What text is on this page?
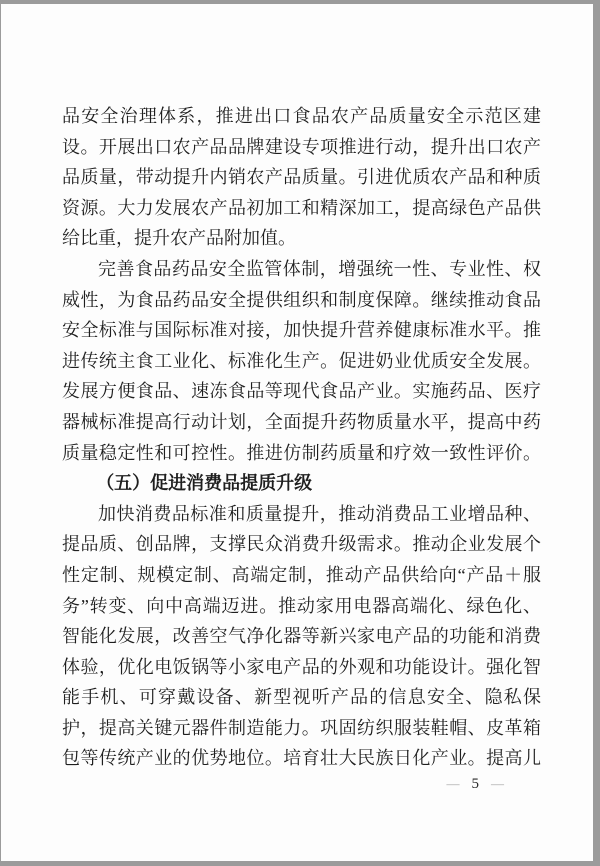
品安全治理体系，推进出口食品农产品质量安全示范区建
设。开展出口农产品品牌建设专项推进行动，提升出口农产
品质量，带动提升内销农产品质量。引进优质农产品和种质
资源。大力发展农产品初加工和精深加工，提高绿色产品供
给比重，提升农产品附加值。
完善食品药品安全监管体制，增强统一性、专业性、权
威性，为食品药品安全提供组织和制度保障。继续推动食品
安全标准与国际标准对接，加快提升营养健康标准水平。推
进传统主食工业化、标准化生产。促进奶业优质安全发展。
发展方便食品、速冻食品等现代食品产业。实施药品、医疗
器械标准提高行动计划，全面提升药物质量水平，提高中药
质量稳定性和可控性。推进仿制药质量和疗效一致性评价。
（五）促进消费品提质升级
加快消费品标准和质量提升，推动消费品工业增品种、
提品质、创品牌，支撑民众消费升级需求。推动企业发展个
性定制、规模定制、高端定制，推动产品供给向“产品＋服
务”转变、向中高端迈进。推动家用电器高端化、绿色化、
智能化发展，改善空气净化器等新兴家电产品的功能和消费
体验，优化电饭锅等小家电产品的外观和功能设计。强化智
能手机、可穿戴设备、新型视听产品的信息安全、隐私保
护，提高关键元器件制造能力。巩固纺织服装鞋帽、皮革箱
包等传统产业的优势地位。培育壮大民族日化产业。提高儿
— 5 —
